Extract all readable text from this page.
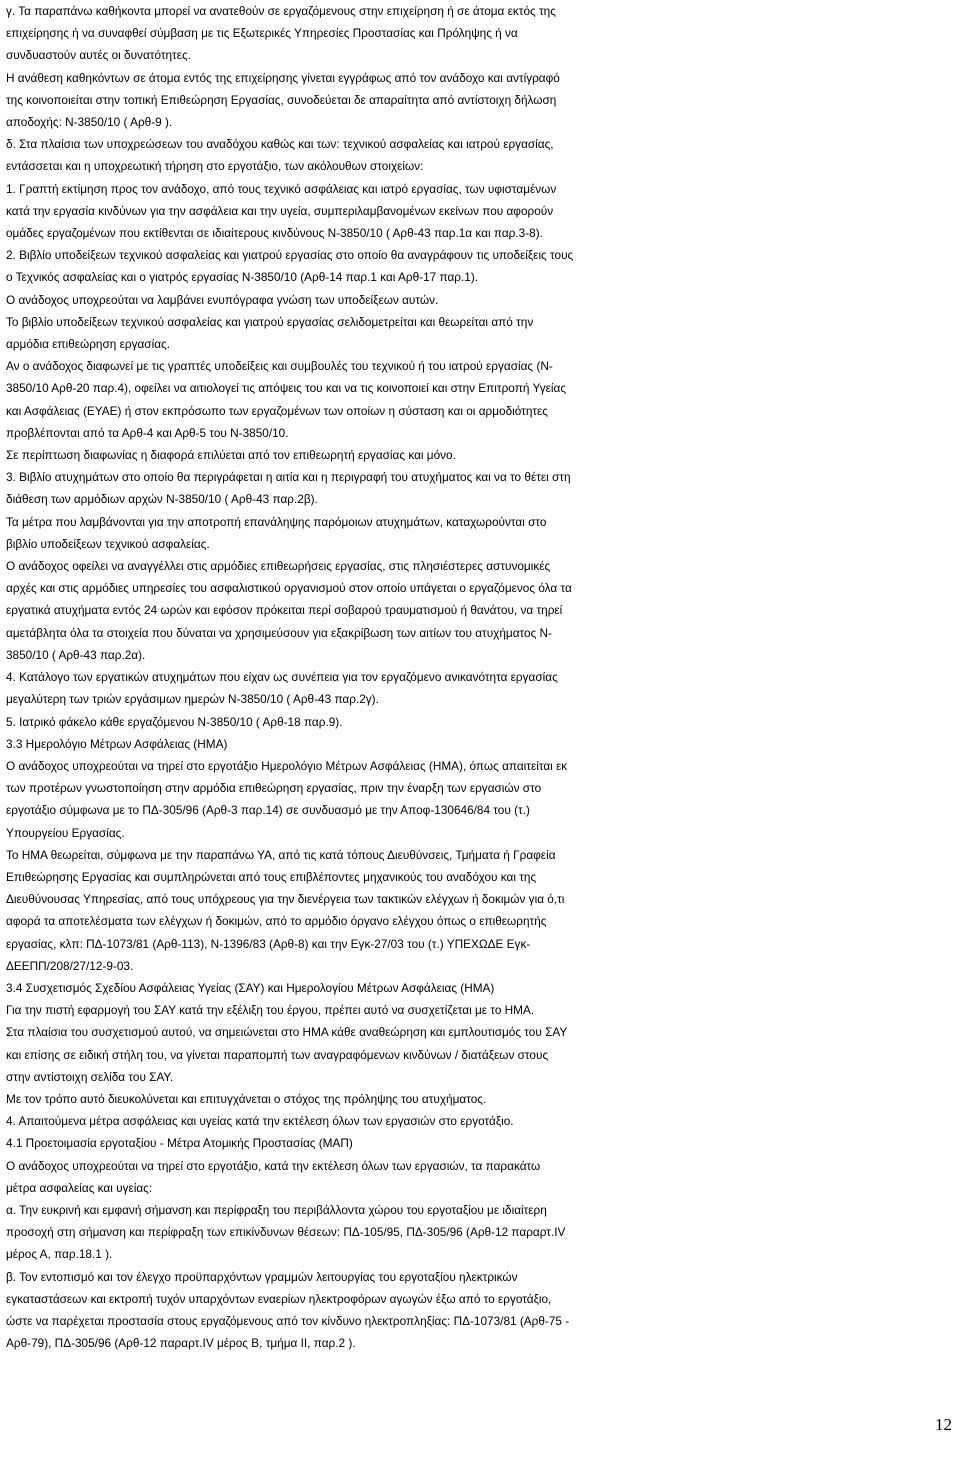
γ. Τα παραπάνω καθήκοντα μπορεί να ανατεθούν σε εργαζόμενους στην επιχείρηση ή σε άτομα εκτός της

επιχείρησης ή να συναφθεί σύμβαση με τις Εξωτερικές Υπηρεσίες Προστασίας και Πρόληψης ή να

συνδυαστούν αυτές οι δυνατότητες.

Η ανάθεση καθηκόντων σε άτομα εντός της επιχείρησης γίνεται εγγράφως από τον ανάδοχο και αντίγραφό

της κοινοποιείται στην τοπική Επιθεώρηση Εργασίας, συνοδεύεται δε απαραίτητα από αντίστοιχη δήλωση

αποδοχής: Ν-3850/10 ( Αρθ-9 ).

δ. Στα πλαίσια των υποχρεώσεων του αναδόχου καθώς και των: τεχνικού ασφαλείας και ιατρού εργασίας,

εντάσσεται και η υποχρεωτική τήρηση στο εργοτάξιο, των ακόλουθων στοιχείων:

1. Γραπτή εκτίμηση προς τον ανάδοχο, από τους τεχνικό ασφάλειας και ιατρό εργασίας, των υφισταμένων

κατά την εργασία κινδύνων για την ασφάλεια και την υγεία, συμπεριλαμβανομένων εκείνων που αφορούν

ομάδες εργαζομένων που εκτίθενται σε ιδιαίτερους κινδύνους Ν-3850/10 ( Αρθ-43 παρ.1α και παρ.3-8).

2. Βιβλίο υποδείξεων τεχνικού ασφαλείας και γιατρού εργασίας στο οποίο θα αναγράφουν τις υποδείξεις τους

ο Τεχνικός ασφαλείας και ο γιατρός εργασίας Ν-3850/10 (Αρθ-14 παρ.1 και Αρθ-17 παρ.1).

Ο ανάδοχος υποχρεούται να λαμβάνει ενυπόγραφα γνώση των υποδείξεων αυτών.

Το βιβλίο υποδείξεων τεχνικού ασφαλείας και γιατρού εργασίας σελιδομετρείται και θεωρείται από την

αρμόδια επιθεώρηση εργασίας.

Αν ο ανάδοχος διαφωνεί με τις γραπτές υποδείξεις και συμβουλές του τεχνικού ή του ιατρού εργασίας (Ν-

3850/10 Αρθ-20 παρ.4), οφείλει να αιτιολογεί τις απόψεις του και να τις κοινοποιεί και στην Επιτροπή Υγείας

και Ασφάλειας (ΕΥΑΕ) ή στον εκπρόσωπο των εργαζομένων των οποίων η σύσταση και οι αρμοδιότητες

προβλέπονται από τα Αρθ-4 και Αρθ-5 του Ν-3850/10.

Σε περίπτωση διαφωνίας η διαφορά επιλύεται από τον επιθεωρητή εργασίας και μόνο.

3. Βιβλίο ατυχημάτων στο οποίο θα περιγράφεται η αιτία και η περιγραφή του ατυχήματος και να το θέτει στη

διάθεση των αρμόδιων αρχών Ν-3850/10 ( Αρθ-43 παρ.2β).

Τα μέτρα που λαμβάνονται για την αποτροπή επανάληψης παρόμοιων ατυχημάτων, καταχωρούνται στο

βιβλίο υποδείξεων τεχνικού ασφαλείας.

Ο ανάδοχος οφείλει να αναγγέλλει στις αρμόδιες επιθεωρήσεις εργασίας, στις πλησιέστερες αστυνομικές

αρχές και στις αρμόδιες υπηρεσίες του ασφαλιστικού οργανισμού στον οποίο υπάγεται ο εργαζόμενος όλα τα

εργατικά ατυχήματα εντός 24 ωρών και εφόσον πρόκειται περί σοβαρού τραυματισμού ή θανάτου, να τηρεί

αμετάβλητα όλα τα στοιχεία που δύναται να χρησιμεύσουν για εξακρίβωση των αιτίων του ατυχήματος Ν-

3850/10 ( Αρθ-43 παρ.2α).

4. Κατάλογο των εργατικών ατυχημάτων που είχαν ως συνέπεια για τον εργαζόμενο ανικανότητα εργασίας

μεγαλύτερη των τριών εργάσιμων ημερών Ν-3850/10 ( Αρθ-43 παρ.2γ).

5. Ιατρικό φάκελο κάθε εργαζόμενου Ν-3850/10 ( Αρθ-18 παρ.9).

3.3 Ημερολόγιο Μέτρων Ασφάλειας (ΗΜΑ)

Ο ανάδοχος υποχρεούται να τηρεί στο εργοτάξιο Ημερολόγιο Μέτρων Ασφάλειας (ΗΜΑ), όπως απαιτείται εκ

των προτέρων γνωστοποίηση στην αρμόδια επιθεώρηση εργασίας, πριν την έναρξη των εργασιών στο

εργοτάξιο σύμφωνα με το ΠΔ-305/96 (Αρθ-3 παρ.14) σε συνδυασμό με την Αποφ-130646/84 του (τ.)

Υπουργείου Εργασίας.

Το ΗΜΑ θεωρείται, σύμφωνα με την παραπάνω ΥΑ, από τις κατά τόπους Διευθύνσεις, Τμήματα ή Γραφεία

Επιθεώρησης Εργασίας και συμπληρώνεται από τους επιβλέποντες μηχανικούς του αναδόχου και της

Διευθύνουσας Υπηρεσίας, από τους υπόχρεους για την διενέργεια των τακτικών ελέγχων ή δοκιμών για ό,τι

αφορά τα αποτελέσματα των ελέγχων ή δοκιμών, από το αρμόδιο όργανο ελέγχου όπως ο επιθεωρητής

εργασίας, κλπ: ΠΔ-1073/81 (Αρθ-113), Ν-1396/83 (Αρθ-8) και την Εγκ-27/03 του (τ.) ΥΠΕΧΩΔΕ Εγκ-

ΔΕΕΠΠ/208/27/12-9-03.

3.4 Συσχετισμός Σχεδίου Ασφάλειας Υγείας (ΣΑΥ) και Ημερολογίου Μέτρων Ασφάλειας (ΗΜΑ)

Για την πιστή εφαρμογή του ΣΑΥ κατά την εξέλιξη του έργου, πρέπει αυτό να συσχετίζεται με το ΗΜΑ.

Στα πλαίσια του συσχετισμού αυτού, να σημειώνεται στο ΗΜΑ κάθε αναθεώρηση και εμπλουτισμός του ΣΑΥ

και επίσης σε ειδική στήλη του, να γίνεται παραπομπή των αναγραφόμενων κινδύνων / διατάξεων στους

στην αντίστοιχη σελίδα του ΣΑΥ.

Με τον τρόπο αυτό διευκολύνεται και επιτυγχάνεται ο στόχος της πρόληψης του ατυχήματος.

4. Απαιτούμενα μέτρα ασφάλειας και υγείας κατά την εκτέλεση όλων των εργασιών στο εργοτάξιο.

4.1 Προετοιμασία εργοταξίου - Μέτρα Ατομικής Προστασίας (ΜΑΠ)

Ο ανάδοχος υποχρεούται να τηρεί στο εργοτάξιο, κατά την εκτέλεση όλων των εργασιών, τα παρακάτω

μέτρα ασφαλείας και υγείας:

α. Την ευκρινή και εμφανή σήμανση και περίφραξη του περιβάλλοντα χώρου του εργοταξίου με ιδιαίτερη

προσοχή στη σήμανση και περίφραξη των επικίνδυνων θέσεων: ΠΔ-105/95, ΠΔ-305/96 (Αρθ-12 παραρτ.IV

μέρος Α, παρ.18.1 ).

β. Τον εντοπισμό και τον έλεγχο προϋπαρχόντων γραμμών λειτουργίας του εργοταξίου ηλεκτρικών

εγκαταστάσεων και εκτροπή τυχόν υπαρχόντων εναερίων ηλεκτροφόρων αγωγών έξω από το εργοτάξιο,

ώστε να παρέχεται προστασία στους εργαζόμενους από τον κίνδυνο ηλεκτροπληξίας: ΠΔ-1073/81 (Αρθ-75 -

Αρθ-79), ΠΔ-305/96 (Αρθ-12 παραρτ.IV μέρος Β, τμήμα ΙΙ, παρ.2 ).

12
